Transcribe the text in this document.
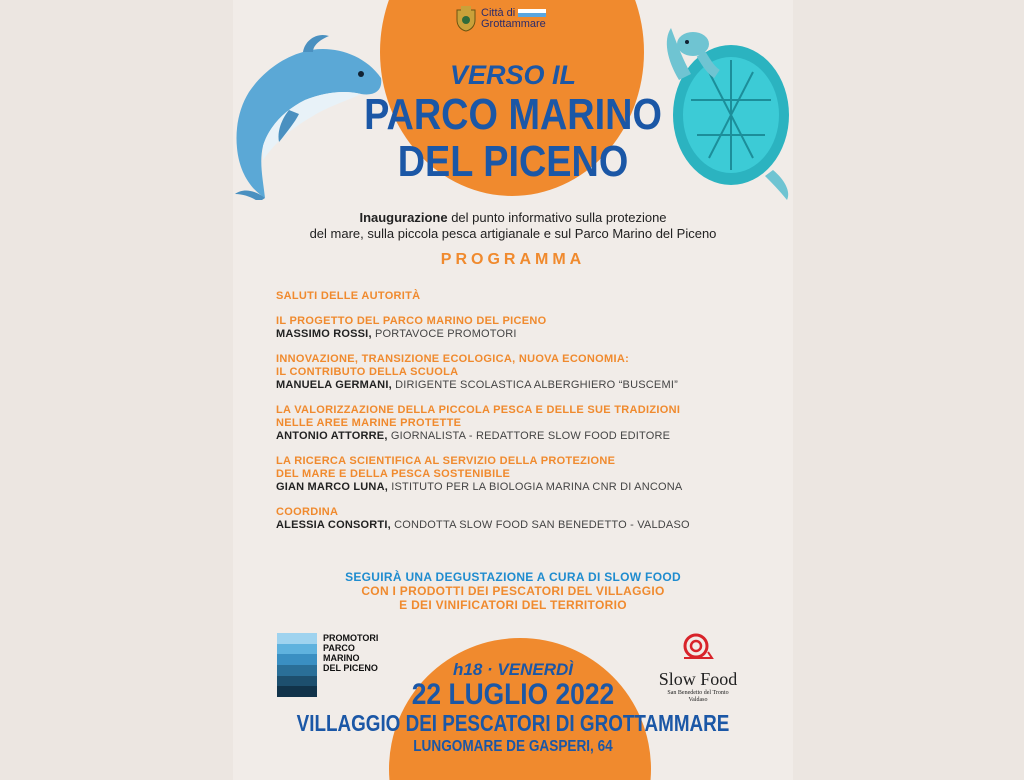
Città di
Grottammare
VERSO IL
PARCO MARINO
DEL PICENO
Inaugurazione del punto informativo sulla protezione
del mare, sulla piccola pesca artigianale e sul Parco Marino del Piceno
PROGRAMMA
SALUTI DELLE AUTORITÀ
IL PROGETTO DEL PARCO MARINO DEL PICENO
MASSIMO ROSSI, PORTAVOCE PROMOTORI
INNOVAZIONE, TRANSIZIONE ECOLOGICA, NUOVA ECONOMIA:
IL CONTRIBUTO DELLA SCUOLA
MANUELA GERMANI, DIRIGENTE SCOLASTICA ALBERGHIERO “BUSCEMI”
LA VALORIZZAZIONE DELLA PICCOLA PESCA E DELLE SUE TRADIZIONI
NELLE AREE MARINE PROTETTE
ANTONIO ATTORRE, GIORNALISTA - REDATTORE SLOW FOOD EDITORE
LA RICERCA SCIENTIFICA AL SERVIZIO DELLA PROTEZIONE
DEL MARE E DELLA PESCA SOSTENIBILE
GIAN MARCO LUNA, ISTITUTO PER LA BIOLOGIA MARINA CNR DI ANCONA
COORDINA
ALESSIA CONSORTI, CONDOTTA SLOW FOOD SAN BENEDETTO - VALDASO
SEGUIRÀ UNA DEGUSTAZIONE A CURA DI SLOW FOOD
CON I PRODOTTI DEI PESCATORI DEL VILLAGGIO
E DEI VINIFICATORI DEL TERRITORIO
PROMOTORI
PARCO
MARINO
DEL PICENO
Slow Food
San Benedetto del Tronto
Valdaso
h18 · VENERDÌ
22 LUGLIO 2022
VILLAGGIO DEI PESCATORI DI GROTTAMMARE
LUNGOMARE DE GASPERI, 64
